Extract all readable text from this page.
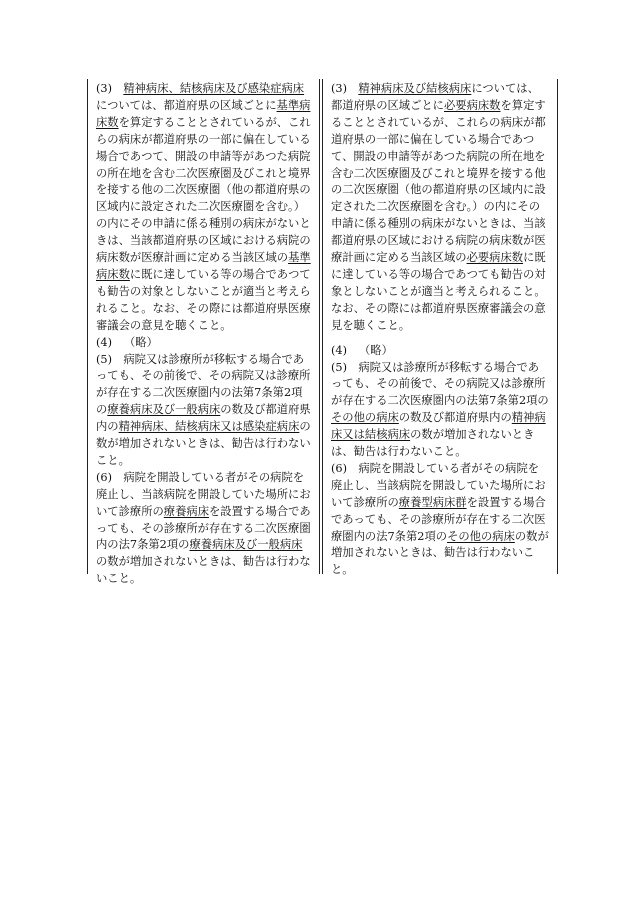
(3)　 精神病床、結核病床及び感染症病床については、都道府県の区域ごとに基準病床数を算定することとされているが、これらの病床が都道府県の一部に偏在している場合であつて、開設の申請等があつた病院の所在地を含む二次医療圏及びこれと境界を接する他の二次医療圏（他の都道府県の区域内に設定された二次医療圏を含む。）の内にその申請に係る種別の病床がないときは、当該都道府県の区域における病院の病床数が医療計画に定める当該区域の基準病床数に既に達している等の場合であつても勧告の対象としないことが適当と考えられること。なお、その際には都道府県医療審議会の意見を聴くこと。

(4) （略）

(5)　病院又は診療所が移転する場合であっても、その前後で、その病院又は診療所が存在する二次医療圏内の法第7条第2項の療養病床及び一般病床の数及び都道府県内の精神病床、結核病床又は感染症病床の数が増加されないときは、勧告は行わないこと。

(6)　病院を開設している者がその病院を廃止し、当該病院を開設していた場所において診療所の療養病床を設置する場合であっても、その診療所が存在する二次医療圏内の法7条第2項の療養病床及び一般病床の数が増加されないときは、勧告は行わないこと。

(3)　 精神病床及び結核病床については、都道府県の区域ごとに必要病床数を算定することとされているが、これらの病床が都道府県の一部に偏在している場合であつて、開設の申請等があつた病院の所在地を含む二次医療圏及びこれと境界を接する他の二次医療圏（他の都道府県の区域内に設定された二次医療圏を含む。）の内にその申請に係る種別の病床がないときは、当該都道府県の区域における病院の病床数が医療計画に定める当該区域の必要病床数に既に達している等の場合であつても勧告の対象としないことが適当と考えられること。なお、その際には都道府県医療審議会の意見を聴くこと。

(4) （略）

(5)　病院又は診療所が移転する場合であっても、その前後で、その病院又は診療所が存在する二次医療圏内の法第7条第2項のその他の病床の数及び都道府県内の精神病床又は結核病床の数が増加されないときは、勧告は行わないこと。

(6)　病院を開設している者がその病院を廃止し、当該病院を開設していた場所において診療所の療養型病床群を設置する場合であっても、その診療所が存在する二次医療圏内の法7条第2項のその他の病床の数が増加されないときは、勧告は行わないこと。
